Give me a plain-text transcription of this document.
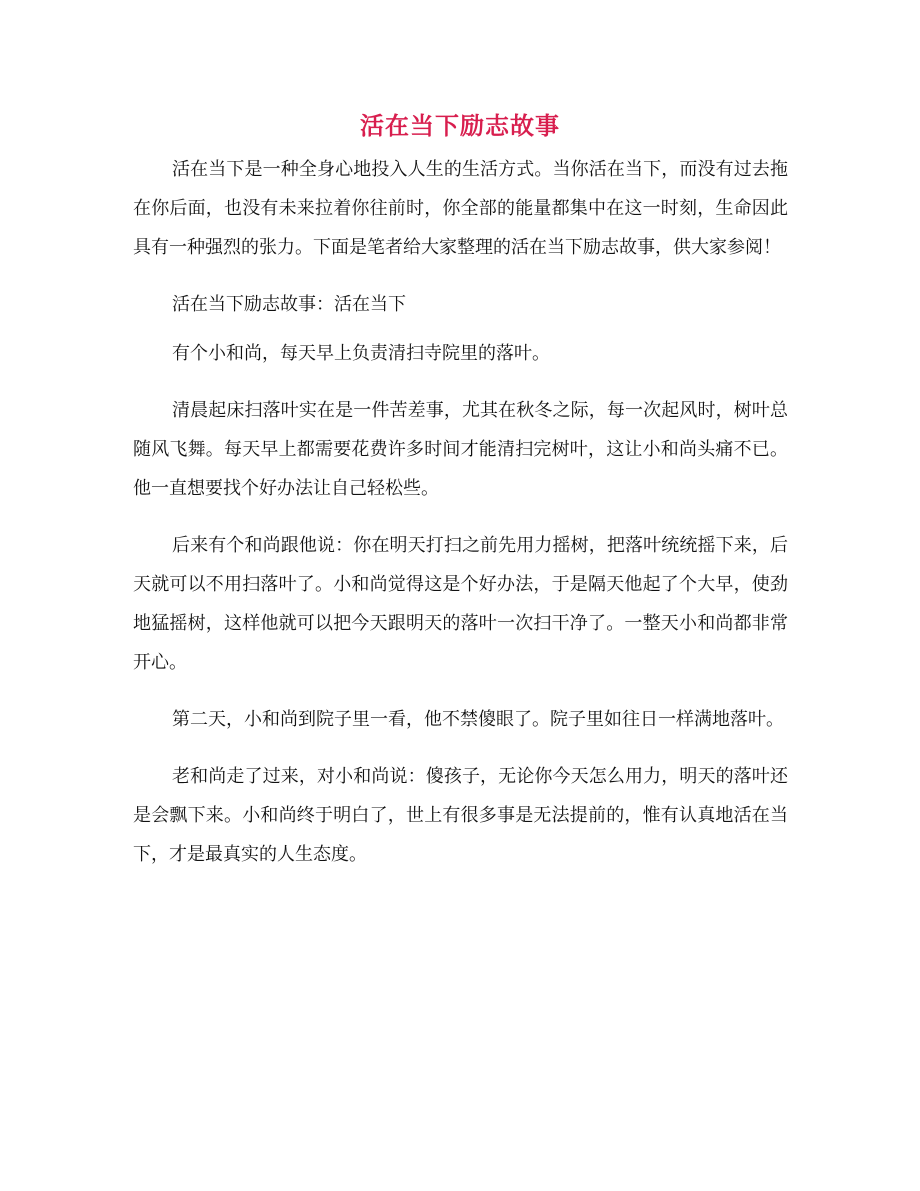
活在当下励志故事

活在当下是一种全身心地投入人生的生活方式。当你活在当下，而没有过去拖在你后面，也没有未来拉着你往前时，你全部的能量都集中在这一时刻，生命因此具有一种强烈的张力。下面是笔者给大家整理的活在当下励志故事，供大家参阅！

活在当下励志故事：活在当下

有个小和尚，每天早上负责清扫寺院里的落叶。

清晨起床扫落叶实在是一件苦差事，尤其在秋冬之际，每一次起风时，树叶总随风飞舞。每天早上都需要花费许多时间才能清扫完树叶，这让小和尚头痛不已。他一直想要找个好办法让自己轻松些。

后来有个和尚跟他说：你在明天打扫之前先用力摇树，把落叶统统摇下来，后天就可以不用扫落叶了。小和尚觉得这是个好办法，于是隔天他起了个大早，使劲地猛摇树，这样他就可以把今天跟明天的落叶一次扫干净了。一整天小和尚都非常开心。

第二天，小和尚到院子里一看，他不禁傻眼了。院子里如往日一样满地落叶。

老和尚走了过来，对小和尚说：傻孩子，无论你今天怎么用力，明天的落叶还是会飘下来。小和尚终于明白了，世上有很多事是无法提前的，惟有认真地活在当下，才是最真实的人生态度。
